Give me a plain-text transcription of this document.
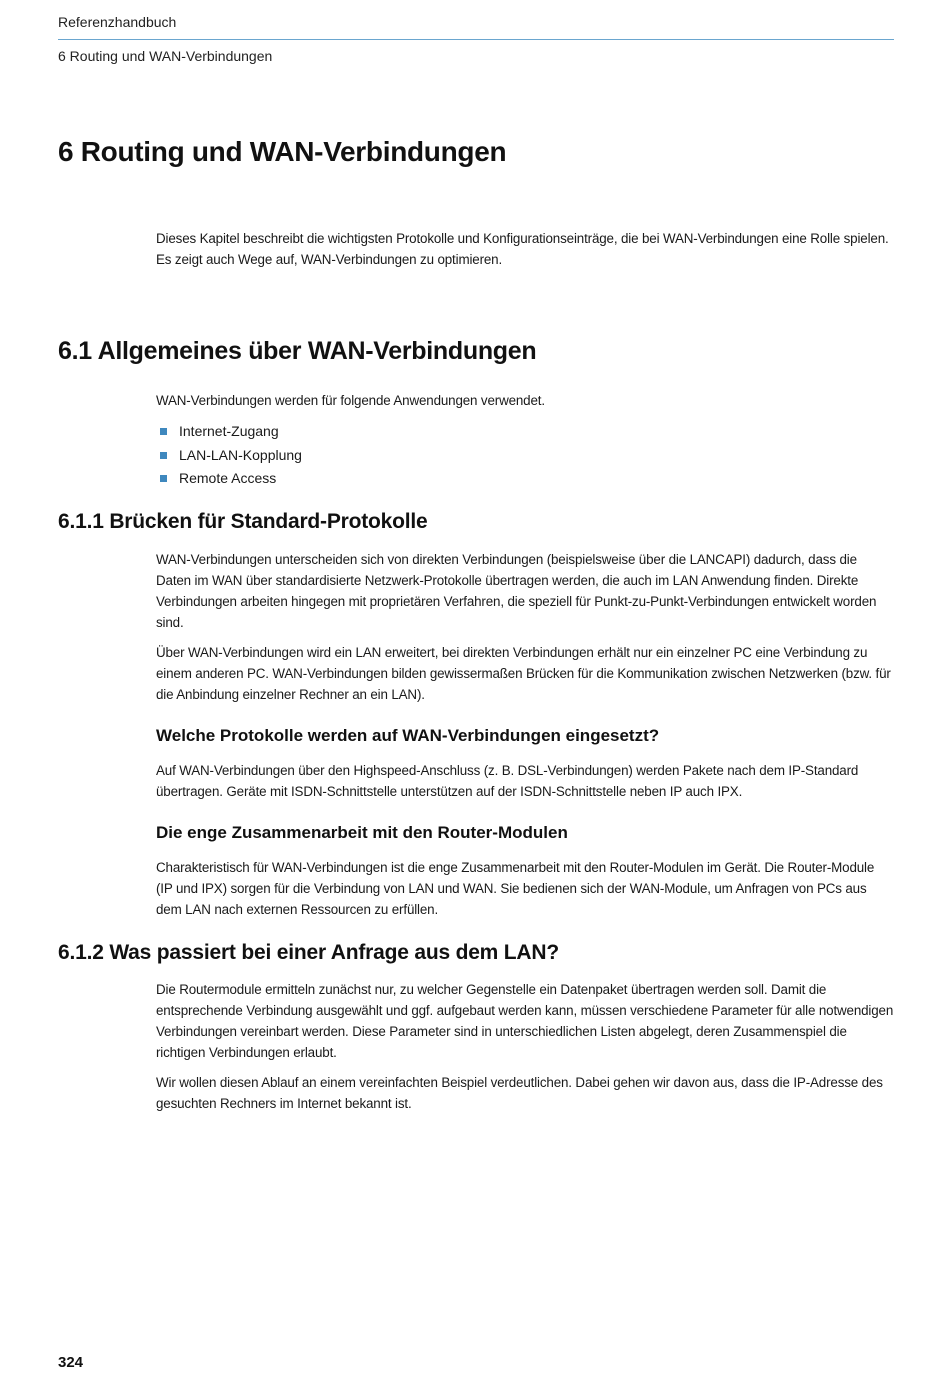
Referenzhandbuch
6 Routing und WAN-Verbindungen
6 Routing und WAN-Verbindungen
Dieses Kapitel beschreibt die wichtigsten Protokolle und Konfigurationseinträge, die bei WAN-Verbindungen eine Rolle spielen. Es zeigt auch Wege auf, WAN-Verbindungen zu optimieren.
6.1 Allgemeines über WAN-Verbindungen
WAN-Verbindungen werden für folgende Anwendungen verwendet.
Internet-Zugang
LAN-LAN-Kopplung
Remote Access
6.1.1 Brücken für Standard-Protokolle
WAN-Verbindungen unterscheiden sich von direkten Verbindungen (beispielsweise über die LANCAPI) dadurch, dass die Daten im WAN über standardisierte Netzwerk-Protokolle übertragen werden, die auch im LAN Anwendung finden. Direkte Verbindungen arbeiten hingegen mit proprietären Verfahren, die speziell für Punkt-zu-Punkt-Verbindungen entwickelt worden sind.
Über WAN-Verbindungen wird ein LAN erweitert, bei direkten Verbindungen erhält nur ein einzelner PC eine Verbindung zu einem anderen PC. WAN-Verbindungen bilden gewissermaßen Brücken für die Kommunikation zwischen Netzwerken (bzw. für die Anbindung einzelner Rechner an ein LAN).
Welche Protokolle werden auf WAN-Verbindungen eingesetzt?
Auf WAN-Verbindungen über den Highspeed-Anschluss (z. B. DSL-Verbindungen) werden Pakete nach dem IP-Standard übertragen. Geräte mit ISDN-Schnittstelle unterstützen auf der ISDN-Schnittstelle neben IP auch IPX.
Die enge Zusammenarbeit mit den Router-Modulen
Charakteristisch für WAN-Verbindungen ist die enge Zusammenarbeit mit den Router-Modulen im Gerät. Die Router-Module (IP und IPX) sorgen für die Verbindung von LAN und WAN. Sie bedienen sich der WAN-Module, um Anfragen von PCs aus dem LAN nach externen Ressourcen zu erfüllen.
6.1.2 Was passiert bei einer Anfrage aus dem LAN?
Die Routermodule ermitteln zunächst nur, zu welcher Gegenstelle ein Datenpaket übertragen werden soll. Damit die entsprechende Verbindung ausgewählt und ggf. aufgebaut werden kann, müssen verschiedene Parameter für alle notwendigen Verbindungen vereinbart werden. Diese Parameter sind in unterschiedlichen Listen abgelegt, deren Zusammenspiel die richtigen Verbindungen erlaubt.
Wir wollen diesen Ablauf an einem vereinfachten Beispiel verdeutlichen. Dabei gehen wir davon aus, dass die IP-Adresse des gesuchten Rechners im Internet bekannt ist.
324
